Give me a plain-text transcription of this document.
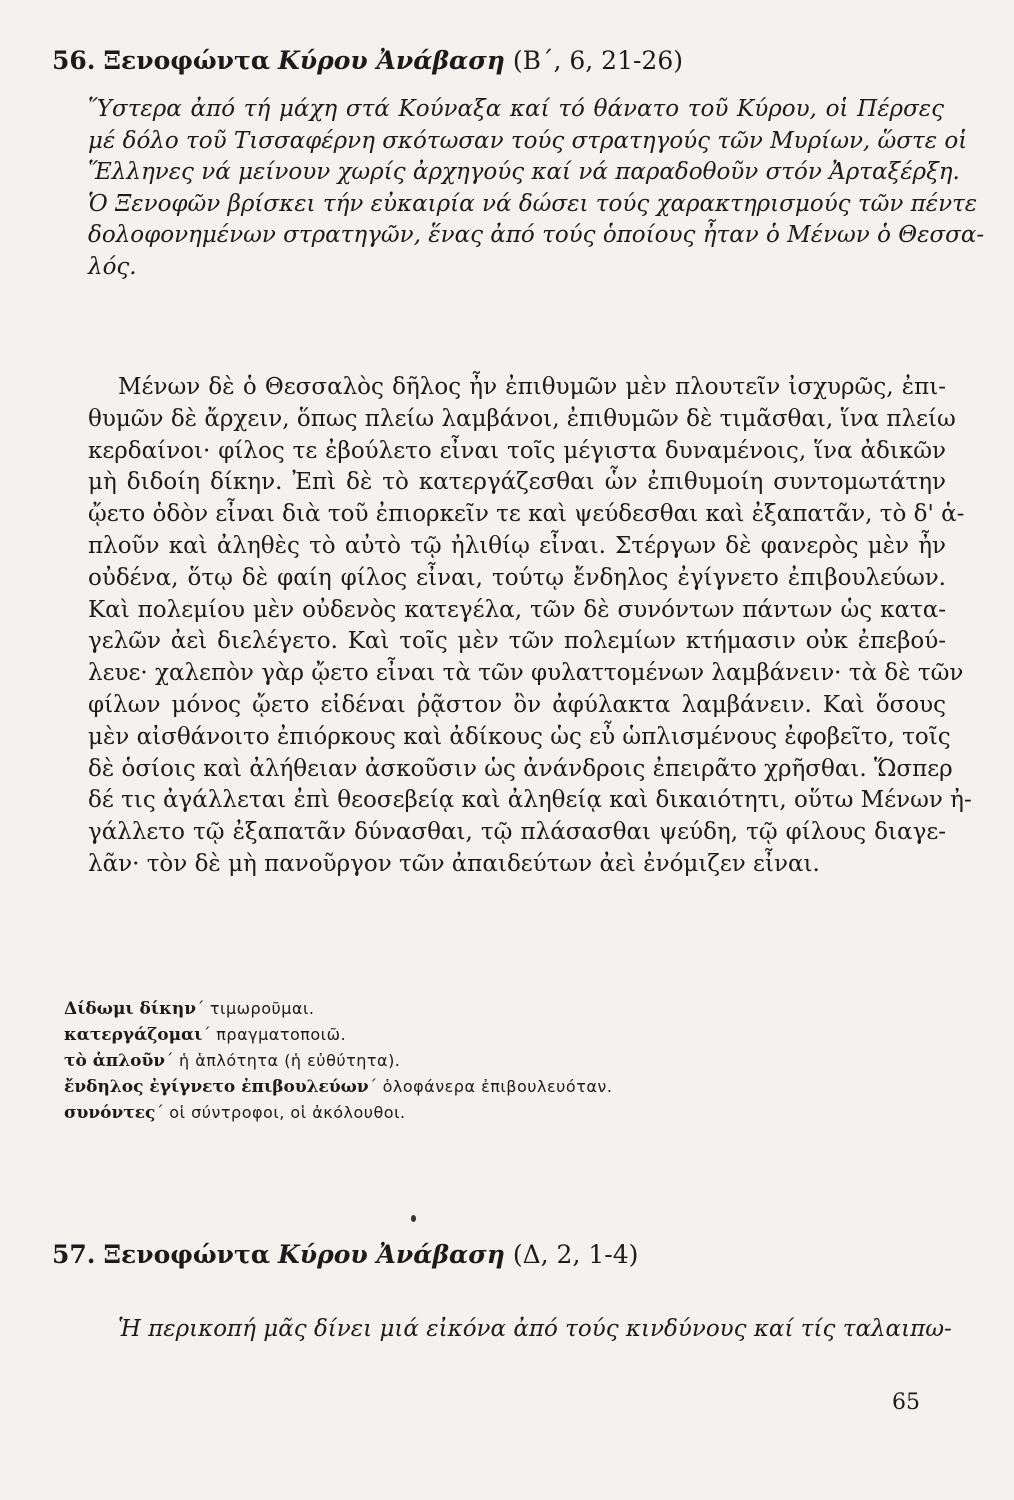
56. Ξενοφώντα Κύρου Ἀνάβαση (Β΄, 6, 21-26)
Ὕστερα ἀπό τή μάχη στά Κούναξα καί τό θάνατο τοῦ Κύρου, οἱ Πέρσες
μέ δόλο τοῦ Τισσαφέρνη σκότωσαν τούς στρατηγούς τῶν Μυρίων, ὥστε οἱ
Ἕλληνες νά μείνουν χωρίς ἀρχηγούς καί νά παραδοθοῦν στόν Ἀρταξέρξη.
Ὁ Ξενοφῶν βρίσκει τήν εὐκαιρία νά δώσει τούς χαρακτηρισμούς τῶν πέντε
δολοφονημένων στρατηγῶν, ἕνας ἀπό τούς ὁποίους ἦταν ὁ Μένων ὁ Θεσσα-
λός.
Μένων δὲ ὁ Θεσσαλὸς δῆλος ἦν ἐπιθυμῶν μὲν πλουτεῖν ἰσχυρῶς, ἐπι-
θυμῶν δὲ ἄρχειν, ὅπως πλείω λαμβάνοι, ἐπιθυμῶν δὲ τιμᾶσθαι, ἵνα πλείω
κερδαίνοι· φίλος τε ἐβούλετο εἶναι τοῖς μέγιστα δυναμένοις, ἵνα ἀδικῶν
μὴ διδοίη δίκην. Ἐπὶ δὲ τὸ κατεργάζεσθαι ὧν ἐπιθυμοίη συντομωτάτην
ᾤετο ὁδὸν εἶναι διὰ τοῦ ἐπιορκεῖν τε καὶ ψεύδεσθαι καὶ ἐξαπατᾶν, τὸ δ' ἁ-
πλοῦν καὶ ἀληθὲς τὸ αὐτὸ τῷ ἠλιθίῳ εἶναι. Στέργων δὲ φανερὸς μὲν ἦν
οὐδένα, ὅτῳ δὲ φαίη φίλος εἶναι, τούτῳ ἔνδηλος ἐγίγνετο ἐπιβουλεύων.
Καὶ πολεμίου μὲν οὐδενὸς κατεγέλα, τῶν δὲ συνόντων πάντων ὡς κατα-
γελῶν ἀεὶ διελέγετο. Καὶ τοῖς μὲν τῶν πολεμίων κτήμασιν οὐκ ἐπεβού-
λευε· χαλεπὸν γὰρ ᾤετο εἶναι τὰ τῶν φυλαττομένων λαμβάνειν· τὰ δὲ τῶν
φίλων μόνος ᾤετο εἰδέναι ῥᾷστον ὂν ἀφύλακτα λαμβάνειν. Καὶ ὅσους
μὲν αἰσθάνοιτο ἐπιόρκους καὶ ἀδίκους ὡς εὖ ὡπλισμένους ἐφοβεῖτο, τοῖς
δὲ ὁσίοις καὶ ἀλήθειαν ἀσκοῦσιν ὡς ἀνάνδροις ἐπειρᾶτο χρῆσθαι. Ὥσπερ
δέ τις ἀγάλλεται ἐπὶ θεοσεβείᾳ καὶ ἀληθείᾳ καὶ δικαιότητι, οὕτω Μένων ἠ-
γάλλετο τῷ ἐξαπατᾶν δύνασθαι, τῷ πλάσασθαι ψεύδη, τῷ φίλους διαγε-
λᾶν· τὸν δὲ μὴ πανοῦργον τῶν ἀπαιδεύτων ἀεὶ ἐνόμιζεν εἶναι.
Δίδωμι δίκην΄ τιμωροῦμαι.
κατεργάζομαι΄ πραγματοποιῶ.
τὸ ἁπλοῦν΄ ἡ ἁπλότητα (ἡ εὐθύτητα).
ἔνδηλος ἐγίγνετο ἐπιβουλεύων΄ ὁλοφάνερα ἐπιβουλευόταν.
συνόντες΄ οἱ σύντροφοι, οἱ ἀκόλουθοι.
57. Ξενοφώντα Κύρου Ἀνάβαση (Δ, 2, 1-4)
Ἡ περικοπή μᾶς δίνει μιά εἰκόνα ἀπό τούς κινδύνους καί τίς ταλαιπω-
65
